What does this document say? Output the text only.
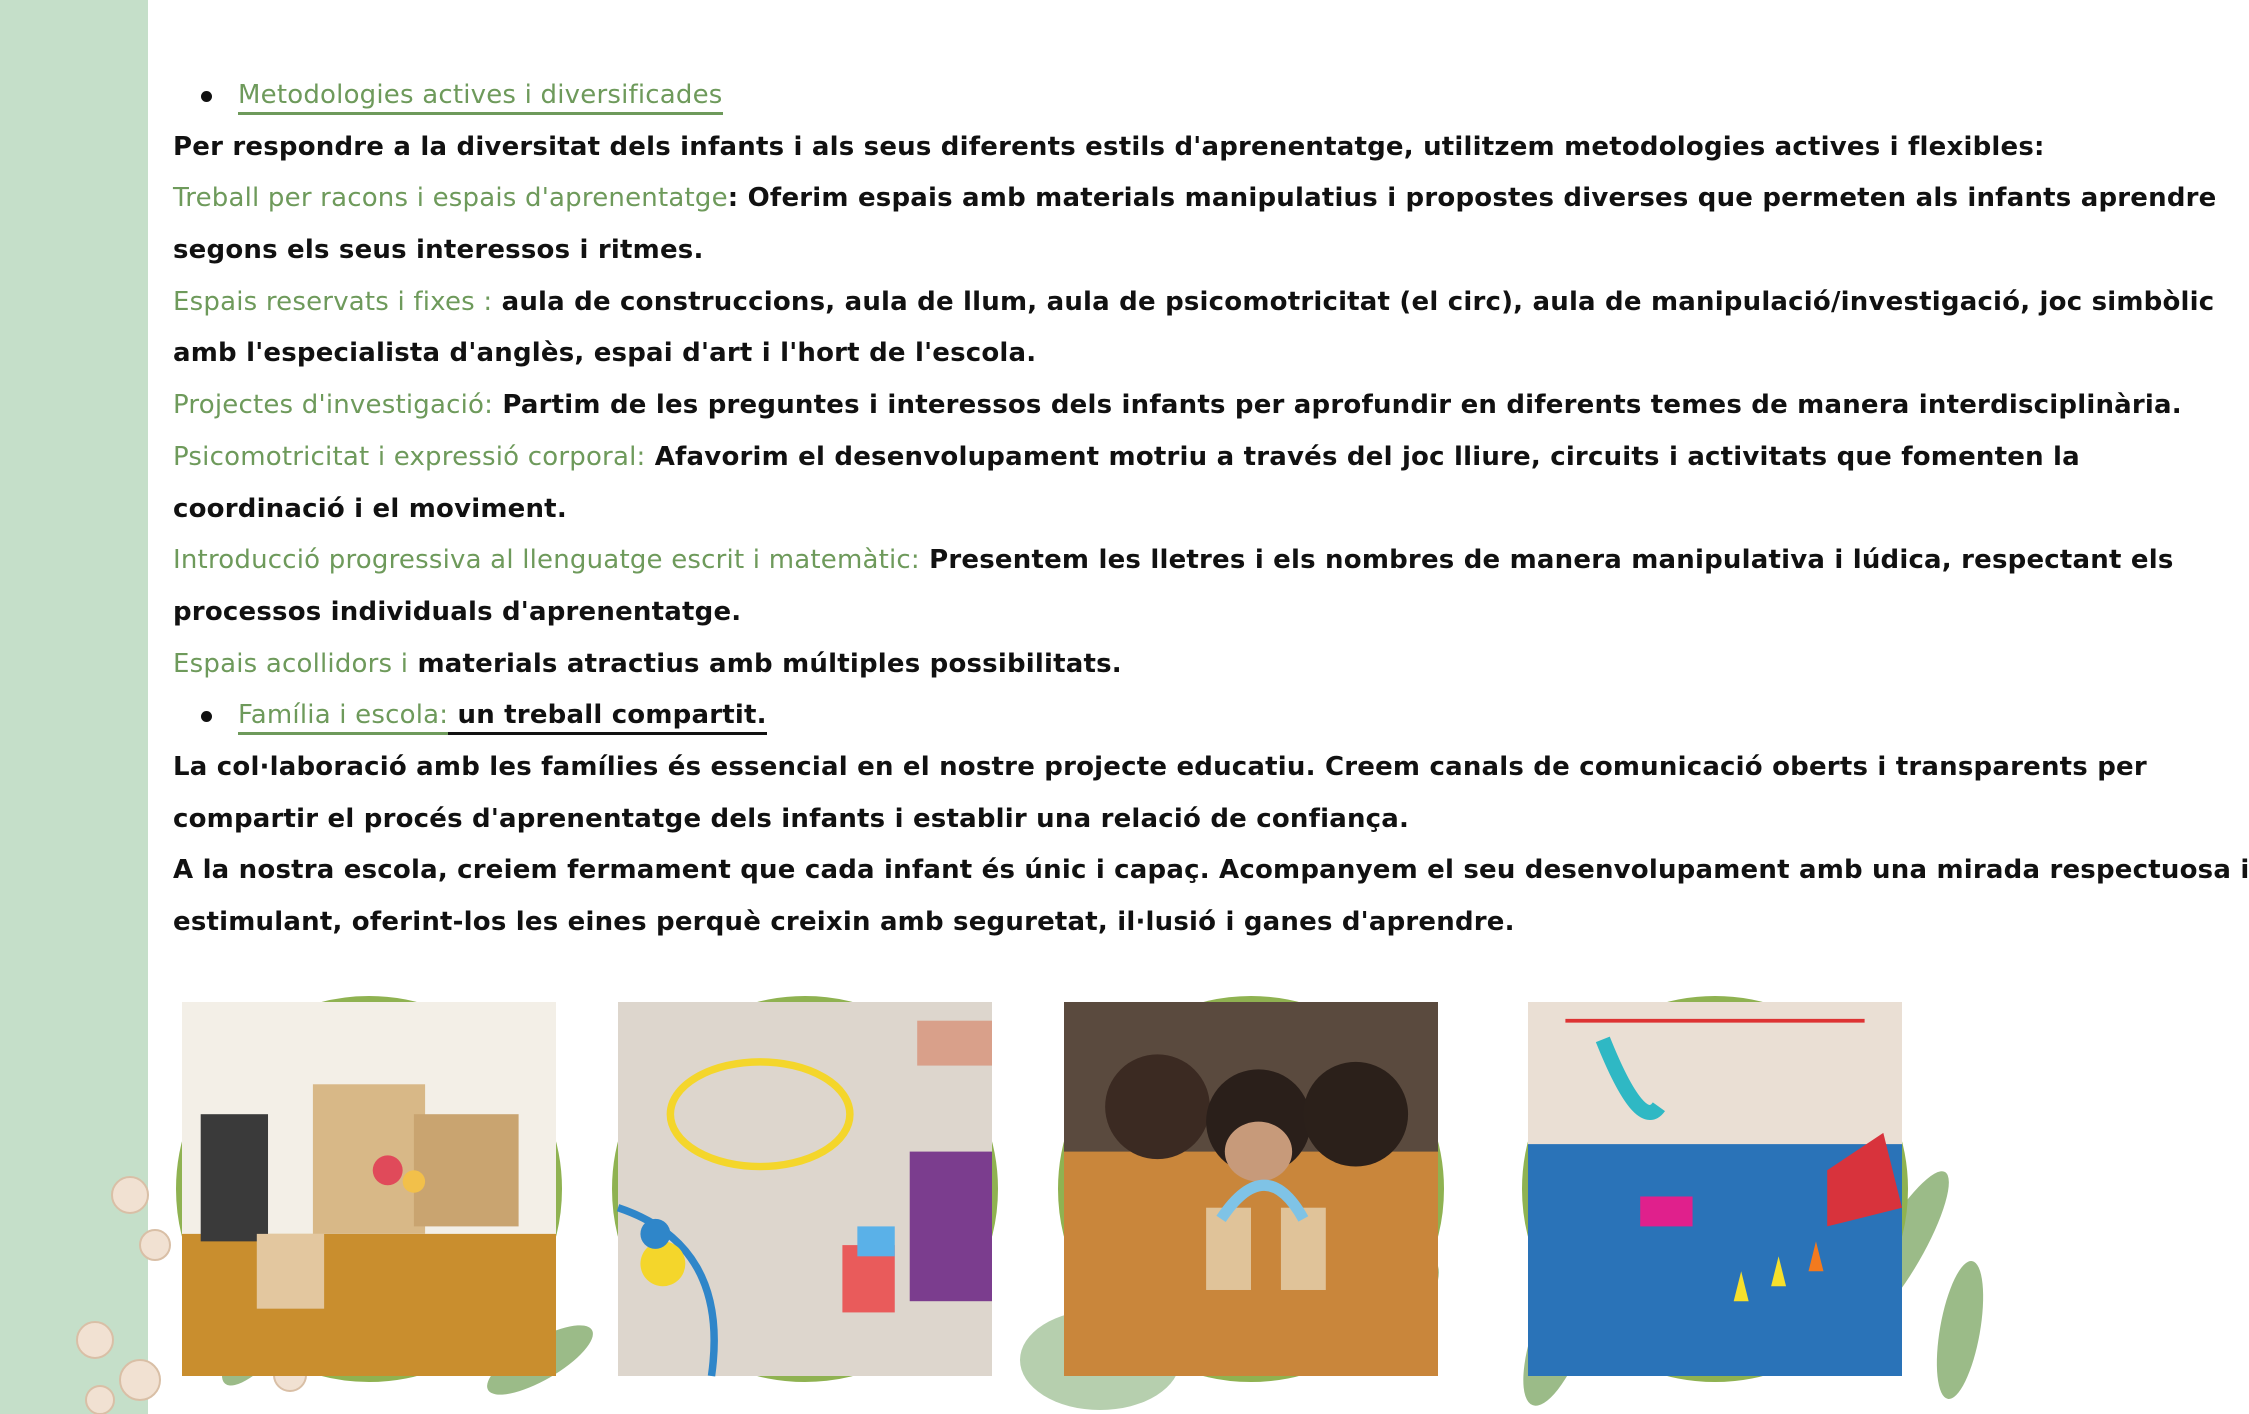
Metodologies actives i diversificades
Per respondre a la diversitat dels infants i als seus diferents estils d'aprenentatge, utilitzem metodologies actives i flexibles:
Treball per racons i espais d'aprenentatge: Oferim espais amb materials manipulatius i propostes diverses que permeten als infants aprendre
segons els seus interessos i ritmes.
Espais reservats i fixes : aula de construccions, aula de llum, aula de psicomotricitat (el circ), aula de manipulació/investigació, joc simbòlic
amb l'especialista d'anglès, espai d'art i l'hort de l'escola.
Projectes d'investigació: Partim de les preguntes i interessos dels infants per aprofundir en diferents temes de manera interdisciplinària.
Psicomotricitat i expressió corporal: Afavorim el desenvolupament motriu a través del joc lliure, circuits i activitats que fomenten la
coordinació i el moviment.
Introducció progressiva al llenguatge escrit i matemàtic: Presentem les lletres i els nombres de manera manipulativa i lúdica, respectant els
processos individuals d'aprenentatge.
Espais acollidors i materials atractius amb múltiples possibilitats.
Família i escola: un treball compartit.
La col·laboració amb les famílies és essencial en el nostre projecte educatiu. Creem canals de comunicació oberts i transparents per
compartir el procés d'aprenentatge dels infants i establir una relació de confiança.
A la nostra escola, creiem fermament que cada infant és únic i capaç. Acompanyem el seu desenvolupament amb una mirada respectuosa i
estimulant, oferint-los les eines perquè creixin amb seguretat, il·lusió i ganes d'aprendre.
